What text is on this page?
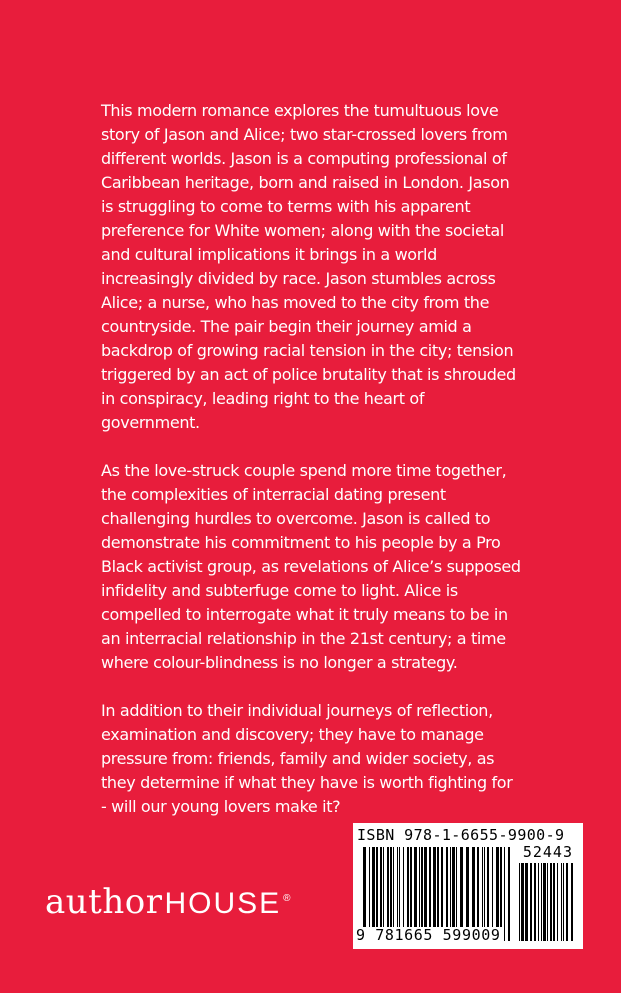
This modern romance explores the tumultuous love story of Jason and Alice; two star-crossed lovers from different worlds. Jason is a computing professional of Caribbean heritage, born and raised in London. Jason is struggling to come to terms with his apparent preference for White women; along with the societal and cultural implications it brings in a world increasingly divided by race. Jason stumbles across Alice; a nurse, who has moved to the city from the countryside. The pair begin their journey amid a backdrop of growing racial tension in the city; tension triggered by an act of police brutality that is shrouded in conspiracy, leading right to the heart of government.

As the love-struck couple spend more time together, the complexities of interracial dating present challenging hurdles to overcome. Jason is called to demonstrate his commitment to his people by a Pro Black activist group, as revelations of Alice’s supposed infidelity and subterfuge come to light. Alice is compelled to interrogate what it truly means to be in an interracial relationship in the 21st century; a time where colour-blindness is no longer a strategy.

In addition to their individual journeys of reflection, examination and discovery; they have to manage pressure from: friends, family and wider society, as they determine if what they have is worth fighting for - will our young lovers make it?

author HOUSE ®
ISBN 978-1-6655-9900-9
52443
9 781665 599009
